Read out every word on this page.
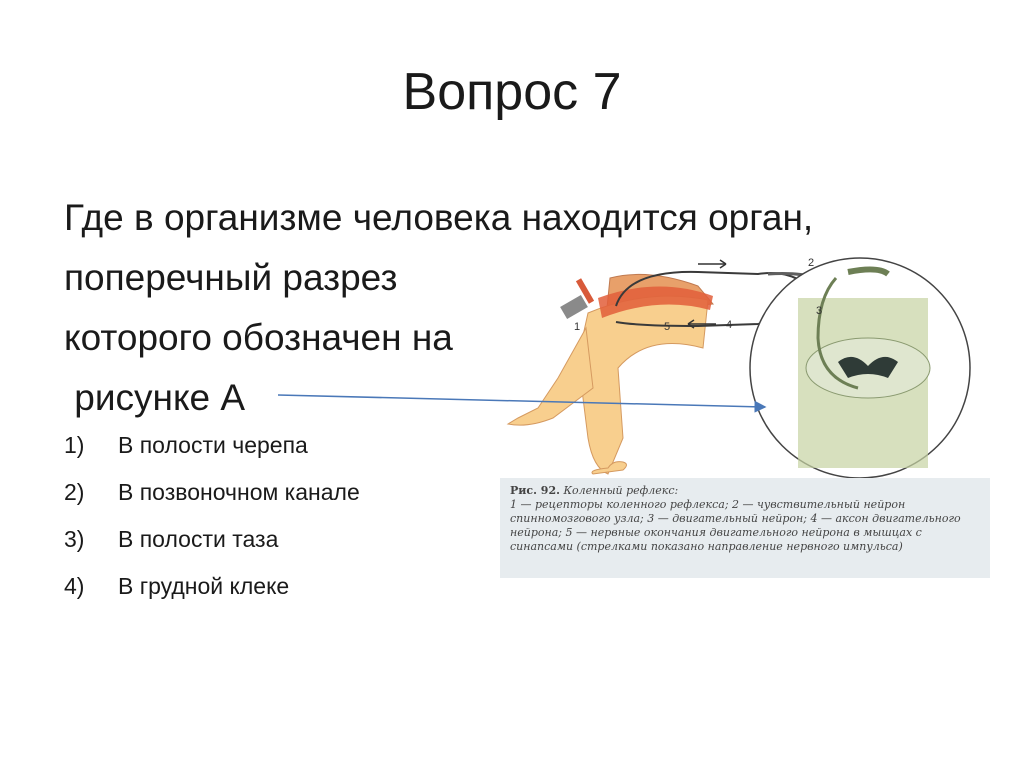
Вопрос 7
2
1
3
4
5
Рис. 92. Коленный рефлекс:
1 — рецепторы коленного рефлекса; 2 — чувствительный нейрон спинномозгового узла; 3 — двигательный нейрон; 4 — аксон двигательного нейрона; 5 — нервные окончания двигательного нейрона в мышцах с синапсами (стрелками показано направление нервного импульса)
Где в организме человека находится орган,
поперечный разрез
которого обозначен на
рисунке А
1)	В полости черепа
2)	В позвоночном канале
3)	В полости таза
4)	В грудной клеке
